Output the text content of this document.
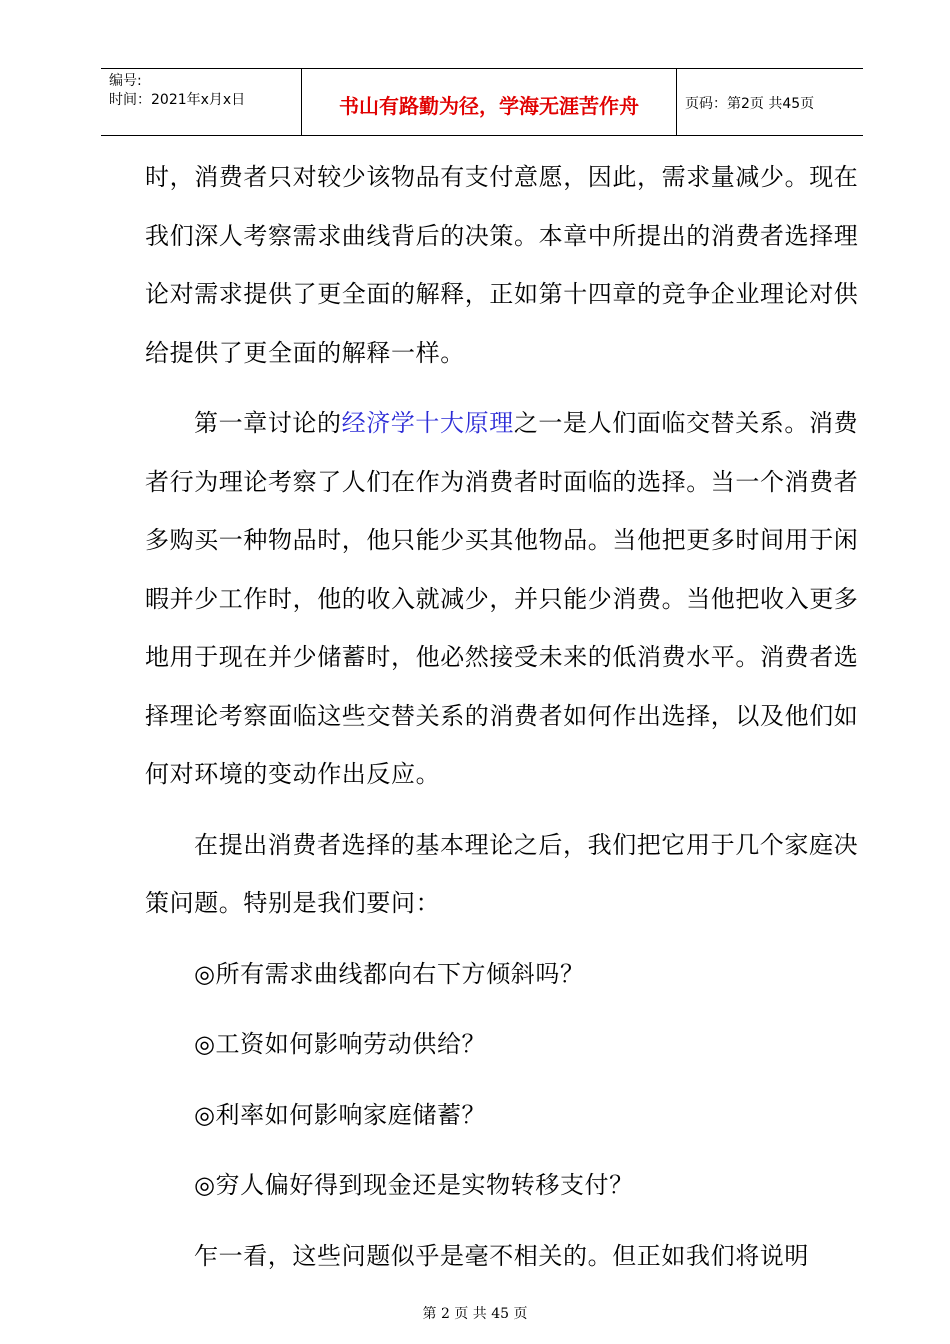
编号:
时间：2021年x月x日	书山有路勤为径，学海无涯苦作舟	页码：第2页 共45页

时，消费者只对较少该物品有支付意愿，因此，需求量减少。现在我们深人考察需求曲线背后的决策。本章中所提出的消费者选择理论对需求提供了更全面的解释，正如第十四章的竞争企业理论对供给提供了更全面的解释一样。

第一章讨论的经济学十大原理之一是人们面临交替关系。消费者行为理论考察了人们在作为消费者时面临的选择。当一个消费者多购买一种物品时，他只能少买其他物品。当他把更多时间用于闲暇并少工作时，他的收入就减少，并只能少消费。当他把收入更多地用于现在并少储蓄时，他必然接受未来的低消费水平。消费者选择理论考察面临这些交替关系的消费者如何作出选择，以及他们如何对环境的变动作出反应。

在提出消费者选择的基本理论之后，我们把它用于几个家庭决策问题。特别是我们要问：

◎所有需求曲线都向右下方倾斜吗？

◎工资如何影响劳动供给？

◎利率如何影响家庭储蓄？

◎穷人偏好得到现金还是实物转移支付？

乍一看，这些问题似乎是毫不相关的。但正如我们将说明

第 2 页 共 45 页
